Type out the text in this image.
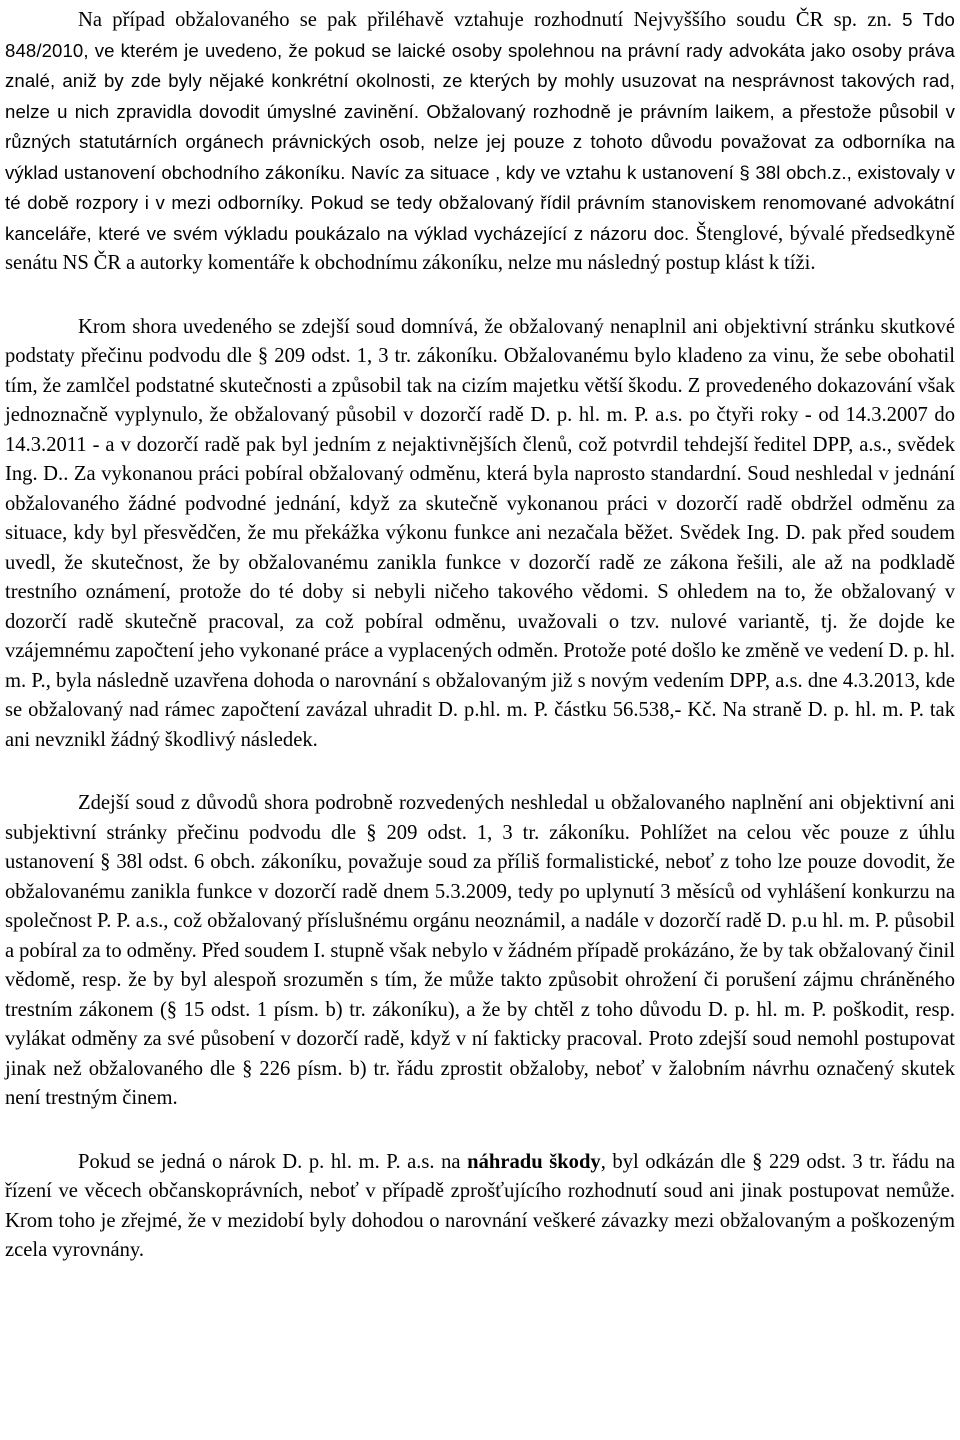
Na případ obžalovaného se pak přiléhavě vztahuje rozhodnutí Nejvyššího soudu ČR sp. zn. 5 Tdo 848/2010, ve kterém je uvedeno, že pokud se laické osoby spolehnou na právní rady advokáta jako osoby práva znalé, aniž by zde byly nějaké konkrétní okolnosti, ze kterých by mohly usuzovat na nesprávnost takových rad, nelze u nich zpravidla dovodit úmyslné zavinění. Obžalovaný rozhodně je právním laikem, a přestože působil v různých statutárních orgánech právnických osob, nelze jej pouze z tohoto důvodu považovat za odborníka na výklad ustanovení obchodního zákoníku. Navíc za situace , kdy ve vztahu k ustanovení § 38l obch.z., existovaly v té době rozpory i v mezi odborníky. Pokud se tedy obžalovaný řídil právním stanoviskem renomované advokátní kanceláře, které ve svém výkladu poukázalo na výklad vycházející z názoru doc. Štenglové, bývalé předsedkyně senátu NS ČR a autorky komentáře k obchodnímu zákoníku, nelze mu následný postup klást k tíži.

Krom shora uvedeného se zdejší soud domnívá, že obžalovaný nenaplnil ani objektivní stránku skutkové podstaty přečinu podvodu dle § 209 odst. 1, 3 tr. zákoníku. Obžalovanému bylo kladeno za vinu, že sebe obohatil tím, že zamlčel podstatné skutečnosti a způsobil tak na cizím majetku větší škodu. Z provedeného dokazování však jednoznačně vyplynulo, že obžalovaný působil v dozorčí radě D. p. hl. m. P. a.s. po čtyři roky - od 14.3.2007 do 14.3.2011 - a v dozorčí radě pak byl jedním z nejaktivnějších členů, což potvrdil tehdejší ředitel DPP, a.s., svědek Ing. D.. Za vykonanou práci pobíral obžalovaný odměnu, která byla naprosto standardní. Soud neshledal v jednání obžalovaného žádné podvodné jednání, když za skutečně vykonanou práci v dozorčí radě obdržel odměnu za situace, kdy byl přesvědčen, že mu překážka výkonu funkce ani nezačala běžet. Svědek Ing. D. pak před soudem uvedl, že skutečnost, že by obžalovanému zanikla funkce v dozorčí radě ze zákona řešili, ale až na podkladě trestního oznámení, protože do té doby si nebyli ničeho takového vědomi. S ohledem na to, že obžalovaný v dozorčí radě skutečně pracoval, za což pobíral odměnu, uvažovali o tzv. nulové variantě, tj. že dojde ke vzájemnému započtení jeho vykonané práce a vyplacených odměn. Protože poté došlo ke změně ve vedení D. p. hl. m. P., byla následně uzavřena dohoda o narovnání s obžalovaným již s novým vedením DPP, a.s. dne 4.3.2013, kde se obžalovaný nad rámec započtení zavázal uhradit D. p.hl. m. P. částku 56.538,- Kč. Na straně D. p. hl. m. P. tak ani nevznikl žádný škodlivý následek.

Zdejší soud z důvodů shora podrobně rozvedených neshledal u obžalovaného naplnění ani objektivní ani subjektivní stránky přečinu podvodu dle § 209 odst. 1, 3 tr. zákoníku. Pohlížet na celou věc pouze z úhlu ustanovení § 38l odst. 6 obch. zákoníku, považuje soud za příliš formalistické, neboť z toho lze pouze dovodit, že obžalovanému zanikla funkce v dozorčí radě dnem 5.3.2009, tedy po uplynutí 3 měsíců od vyhlášení konkurzu na společnost P. P. a.s., což obžalovaný příslušnému orgánu neoznámil, a nadále v dozorčí radě D. p.u hl. m. P. působil a pobíral za to odměny. Před soudem I. stupně však nebylo v žádném případě prokázáno, že by tak obžalovaný činil vědomě, resp. že by byl alespoň srozuměn s tím, že může takto způsobit ohrožení či porušení zájmu chráněného trestním zákonem (§ 15 odst. 1 písm. b) tr. zákoníku), a že by chtěl z toho důvodu D. p. hl. m. P. poškodit, resp. vylákat odměny za své působení v dozorčí radě, když v ní fakticky pracoval. Proto zdejší soud nemohl postupovat jinak než obžalovaného dle § 226 písm. b) tr. řádu zprostit obžaloby, neboť v žalobním návrhu označený skutek není trestným činem.

Pokud se jedná o nárok D. p. hl. m. P. a.s. na náhradu škody, byl odkázán dle § 229 odst. 3 tr. řádu na řízení ve věcech občanskoprávních, neboť v případě zprošťujícího rozhodnutí soud ani jinak postupovat nemůže. Krom toho je zřejmé, že v mezidobí byly dohodou o narovnání veškeré závazky mezi obžalovaným a poškozeným zcela vyrovnány.
